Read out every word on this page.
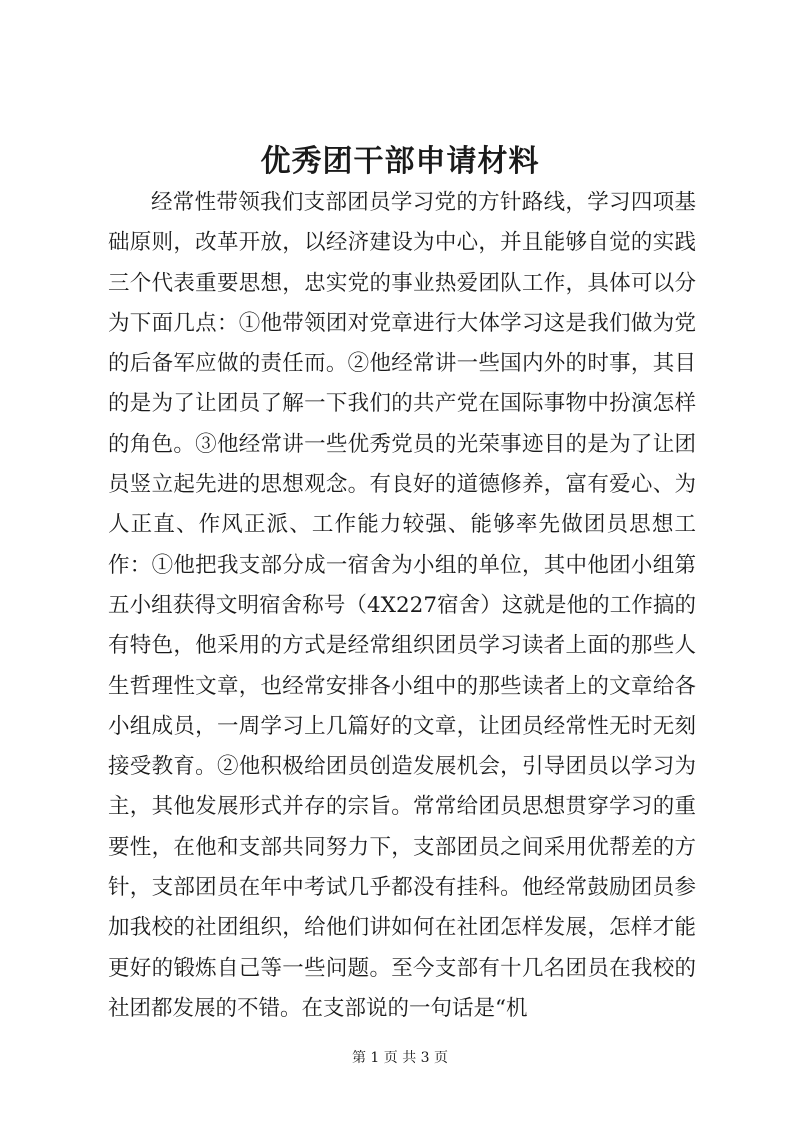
优秀团干部申请材料

经常性带领我们支部团员学习党的方针路线，学习四项基础原则，改革开放，以经济建设为中心，并且能够自觉的实践三个代表重要思想，忠实党的事业热爱团队工作，具体可以分为下面几点：①他带领团对党章进行大体学习这是我们做为党的后备军应做的责任而。②他经常讲一些国内外的时事，其目的是为了让团员了解一下我们的共产党在国际事物中扮演怎样的角色。③他经常讲一些优秀党员的光荣事迹目的是为了让团员竖立起先进的思想观念。有良好的道德修养，富有爱心、为人正直、作风正派、工作能力较强、能够率先做团员思想工作：①他把我支部分成一宿舍为小组的单位，其中他团小组第五小组获得文明宿舍称号（4X227宿舍）这就是他的工作搞的有特色，他采用的方式是经常组织团员学习读者上面的那些人生哲理性文章，也经常安排各小组中的那些读者上的文章给各小组成员，一周学习上几篇好的文章，让团员经常性无时无刻接受教育。②他积极给团员创造发展机会，引导团员以学习为主，其他发展形式并存的宗旨。常常给团员思想贯穿学习的重要性，在他和支部共同努力下，支部团员之间采用优帮差的方针，支部团员在年中考试几乎都没有挂科。他经常鼓励团员参加我校的社团组织，给他们讲如何在社团怎样发展，怎样才能更好的锻炼自己等一些问题。至今支部有十几名团员在我校的社团都发展的不错。在支部说的一句话是“机

第 1 页 共 3 页
